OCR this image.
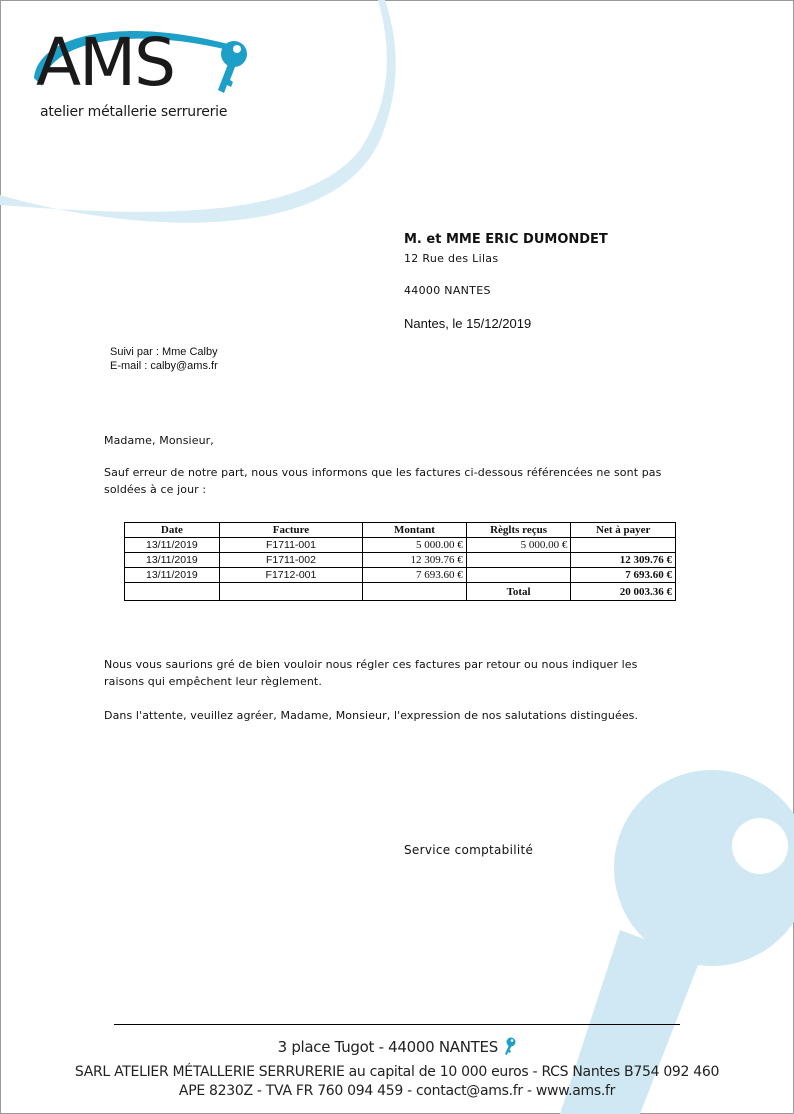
AMS
atelier métallerie serrurerie
M. et MME ERIC DUMONDET
12 Rue des Lilas
44000 NANTES
Nantes, le 15/12/2019
Suivi par : Mme Calby
E-mail : calby@ams.fr
Madame, Monsieur,
Sauf erreur de notre part, nous vous informons que les factures ci-dessous référencées ne sont pas soldées à ce jour :
Date	Facture	Montant	Règlts reçus	Net à payer
13/11/2019	F1711-001	5 000.00 €	5 000.00 €	
13/11/2019	F1711-002	12 309.76 €		12 309.76 €
13/11/2019	F1712-001	7 693.60 €		7 693.60 €
			Total	20 003.36 €
Nous vous saurions gré de bien vouloir nous régler ces factures par retour ou nous indiquer les raisons qui empêchent leur règlement.
Dans l'attente, veuillez agréer, Madame, Monsieur, l'expression de nos salutations distinguées.
Service comptabilité
3 place Tugot - 44000 NANTES
SARL ATELIER MÉTALLERIE SERRURERIE au capital de 10 000 euros - RCS Nantes B754 092 460
APE 8230Z - TVA FR 760 094 459 - contact@ams.fr - www.ams.fr
